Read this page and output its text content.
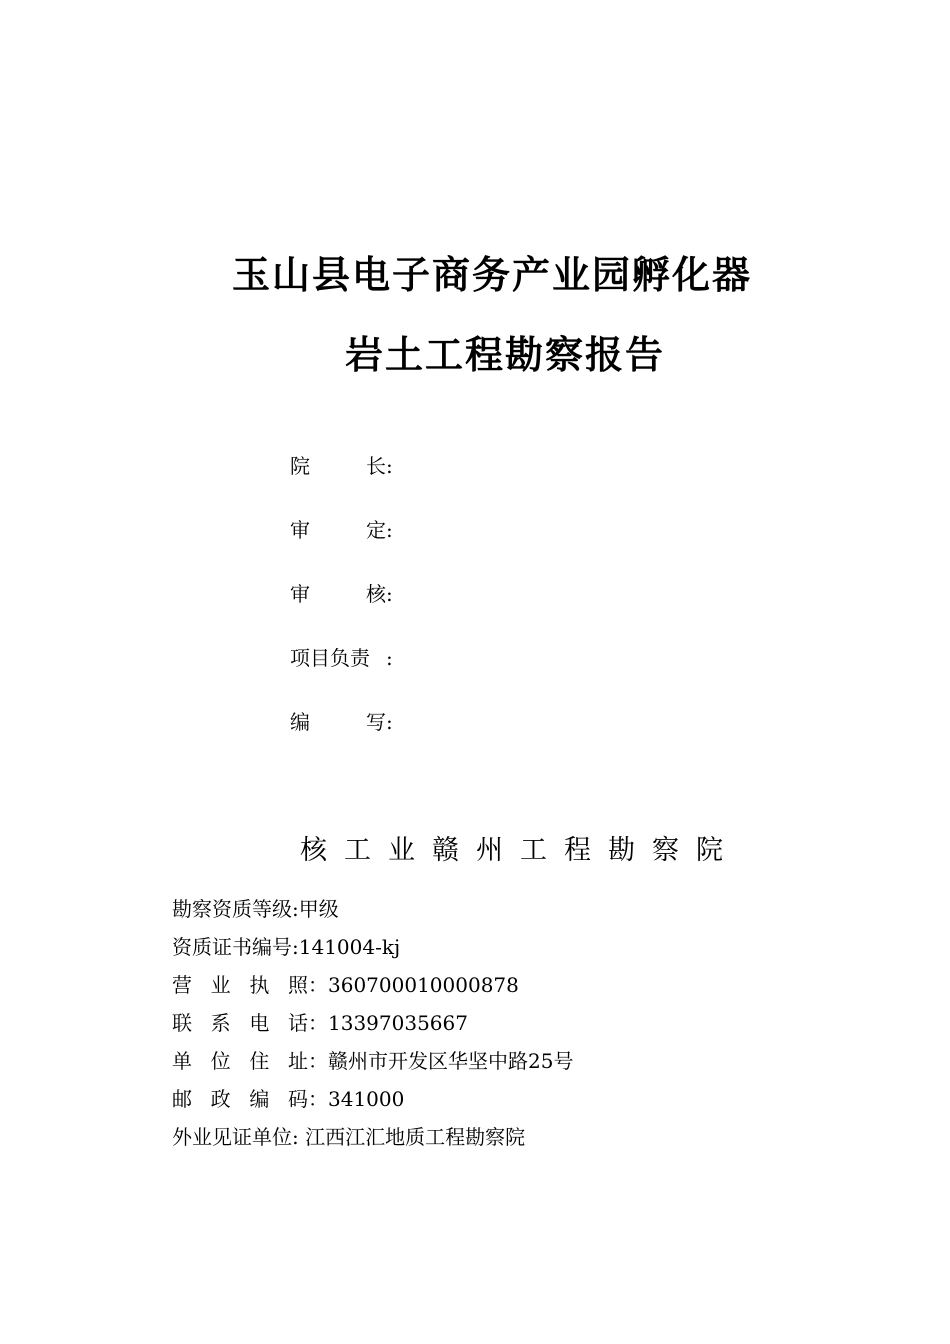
玉山县电子商务产业园孵化器
岩土工程勘察报告
院长:
审定:
审核:
项目负责 :
编写:
核工业赣州工程勘察院
勘察资质等级:甲级
资质证书编号:141004-kj
营业执照：360700010000878
联系电话：13397035667
单位住址：赣州市开发区华坚中路25号
邮政编码：341000
外业见证单位: 江西江汇地质工程勘察院
